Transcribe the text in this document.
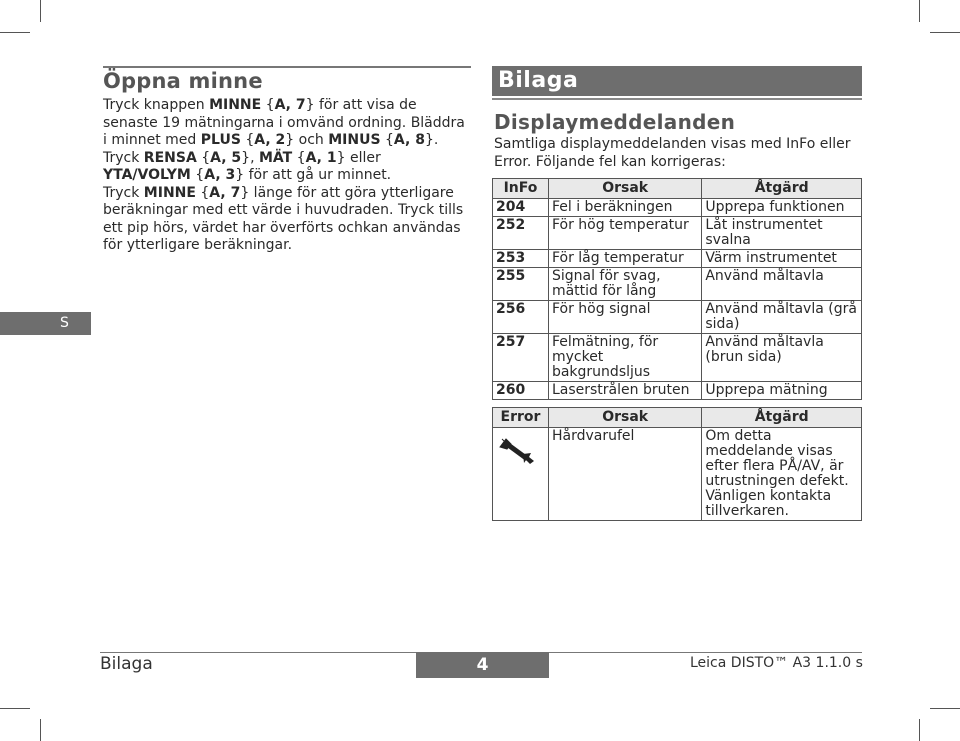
Öppna minne

Tryck knappen MINNE {A, 7} för att visa de senaste 19 mätningarna i omvänd ordning. Bläddra i minnet med PLUS {A, 2} och MINUS {A, 8}. Tryck RENSA {A, 5}, MÄT {A, 1} eller YTA/VOLYM {A, 3} för att gå ur minnet.

Tryck MINNE {A, 7} länge för att göra ytterligare beräkningar med ett värde i huvudraden. Tryck tills ett pip hörs, värdet har överförts ochkan användas för ytterligare beräkningar.

S
Bilaga
Displaymeddelanden

Samtliga displaymeddelanden visas med InFo eller Error. Följande fel kan korrigeras:

InFo	Orsak	Åtgärd
204	Fel i beräkningen	Upprepa funktionen
252	För hög temperatur	Låt instrumentet svalna
253	För låg temperatur	Värm instrumentet
255	Signal för svag, mättid för lång	Använd måltavla
256	För hög signal	Använd måltavla (grå sida)
257	Felmätning, för mycket bakgrundsljus	Använd måltavla (brun sida)
260	Laserstrålen bruten	Upprepa mätning

Error	Orsak	Åtgärd

	Hårdvarufel	Om detta meddelande visas efter flera PÅ/AV, är utrustningen defekt. Vänligen kontakta tillverkaren.
Bilaga	4	Leica DISTO™ A3 1.1.0 s
